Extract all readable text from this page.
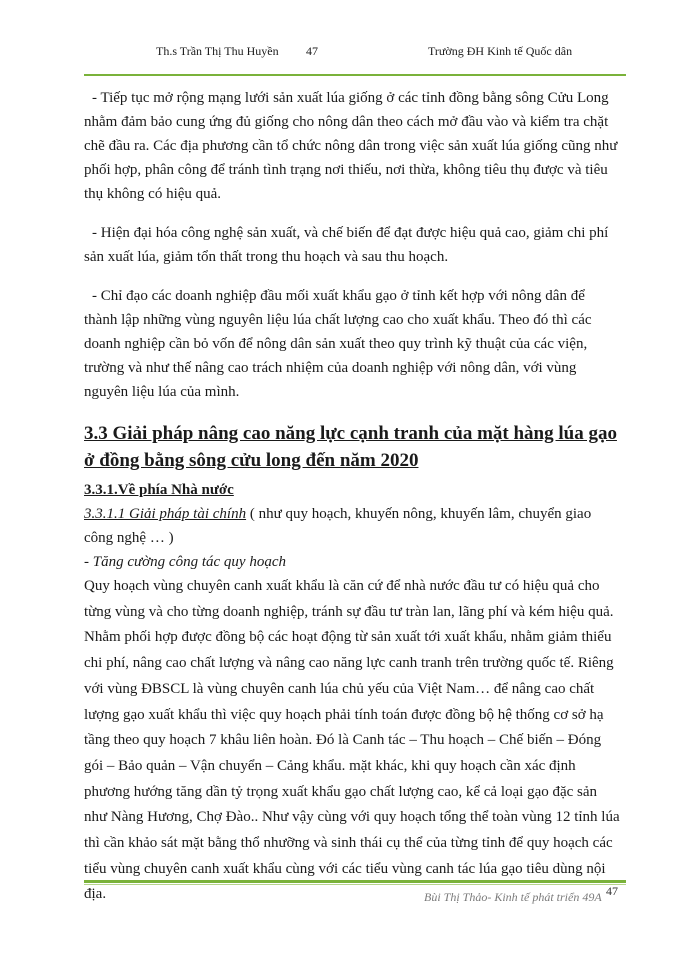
Th.s Trần Thị Thu Huyền 47	Trường ĐH Kinh tế Quốc dân

- Tiếp tục mở rộng mạng lưới sản xuất lúa giống ở các tỉnh đồng bằng sông Cửu Long nhằm đảm bảo cung ứng đủ giống cho nông dân theo cách mở đầu vào và kiểm tra chặt chẽ đầu ra. Các địa phương cần tổ chức nông dân trong việc sản xuất lúa giống cũng như phối hợp, phân công để tránh tình trạng nơi thiếu, nơi thừa, không tiêu thụ được và tiêu thụ không có hiệu quả.

- Hiện đại hóa công nghệ sản xuất, và chế biến để đạt được hiệu quả cao, giảm chi phí sản xuất lúa, giảm tổn thất trong thu hoạch và sau thu hoạch.

- Chỉ đạo các doanh nghiệp đầu mối xuất khẩu gạo ở tỉnh kết hợp với nông dân để thành lập những vùng nguyên liệu lúa chất lượng cao cho xuất khẩu. Theo đó thì các doanh nghiệp cần bỏ vốn để nông dân sản xuất theo quy trình kỹ thuật của các viện, trường và như thế nâng cao trách nhiệm của doanh nghiệp với nông dân, với vùng nguyên liệu lúa của mình.

3.3 Giải pháp nâng cao năng lực cạnh tranh của mặt hàng lúa gạo ở đồng bằng sông cửu long đến năm 2020
3.3.1.Về phía Nhà nước

3.3.1.1 Giải pháp tài chính ( như quy hoạch, khuyến nông, khuyến lâm, chuyển giao công nghệ … )

- Tăng cường công tác quy hoạch

Quy hoạch vùng chuyên canh xuất khẩu là căn cứ để nhà nước đầu tư có hiệu quả cho từng vùng và cho từng doanh nghiệp, tránh sự đầu tư tràn lan, lãng phí và kém hiệu quả. Nhằm phối hợp được đồng bộ các hoạt động từ sản xuất tới xuất khẩu, nhằm giảm thiểu chi phí, nâng cao chất lượng và nâng cao năng lực canh tranh trên trường quốc tế. Riêng với vùng ĐBSCL là vùng chuyên canh lúa chủ yếu của Việt Nam… để nâng cao chất lượng gạo xuất khẩu thì việc quy hoạch phải tính toán được đồng bộ hệ thống cơ sở hạ tầng theo quy hoạch 7 khâu liên hoàn. Đó là Canh tác – Thu hoạch – Chế biến – Đóng gói – Bảo quản – Vận chuyển – Cảng khẩu. mặt khác, khi quy hoạch cần xác định phương hướng tăng dần tỷ trọng xuất khẩu gạo chất lượng cao, kể cả loại gạo đặc sản như Nàng Hương, Chợ Đào.. Như vậy cùng với quy hoạch tổng thể toàn vùng 12 tỉnh lúa thì cần khảo sát mặt bằng thổ nhưỡng và sinh thái cụ thể của từng tỉnh để quy hoạch các tiểu vùng chuyên canh xuất khẩu cùng với các tiểu vùng canh tác lúa gạo tiêu dùng nội địa.	Bùi Thị Thảo- Kinh tế phát triển 49A 47
